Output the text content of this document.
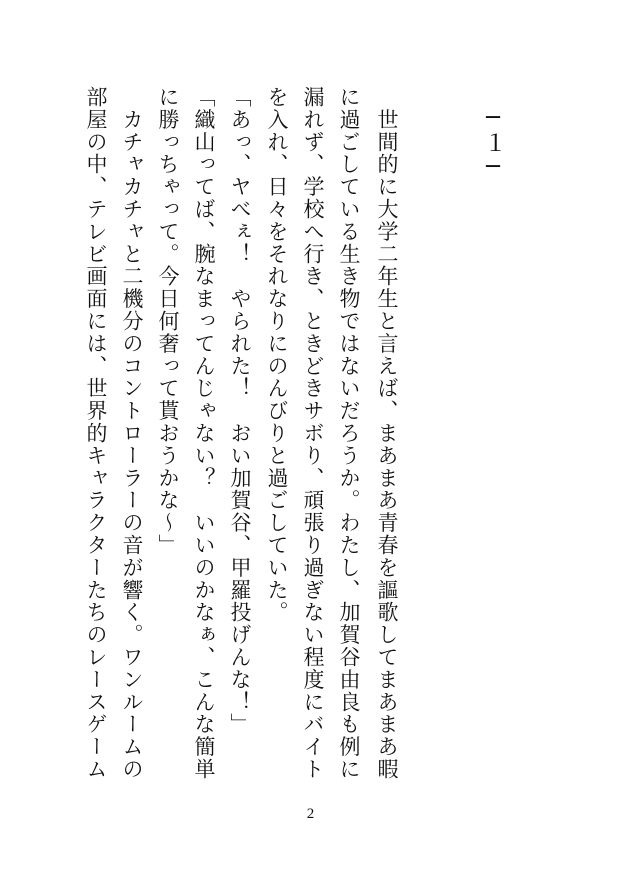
─１─
　世間的に大学二年生と言えば、まあまあ青春を謳歌してまあまあ暇
に過ごしている生き物ではないだろうか。わたし、加賀谷由良も例に
漏れず、学校へ行き、ときどきサボり、頑張り過ぎない程度にバイト
を入れ、日々をそれなりにのんびりと過ごしていた。
「あっ、ヤべぇ！　やられた！　おい加賀谷、甲羅投げんな！」
「織山ってば、腕なまってんじゃない？　いいのかなぁ、こんな簡単
に勝っちゃって。今日何奢って貰おうかな〜」
　カチャカチャと二機分のコントローラーの音が響く。ワンルームの
部屋の中、テレビ画面には、世界的キャラクターたちのレースゲーム
2
